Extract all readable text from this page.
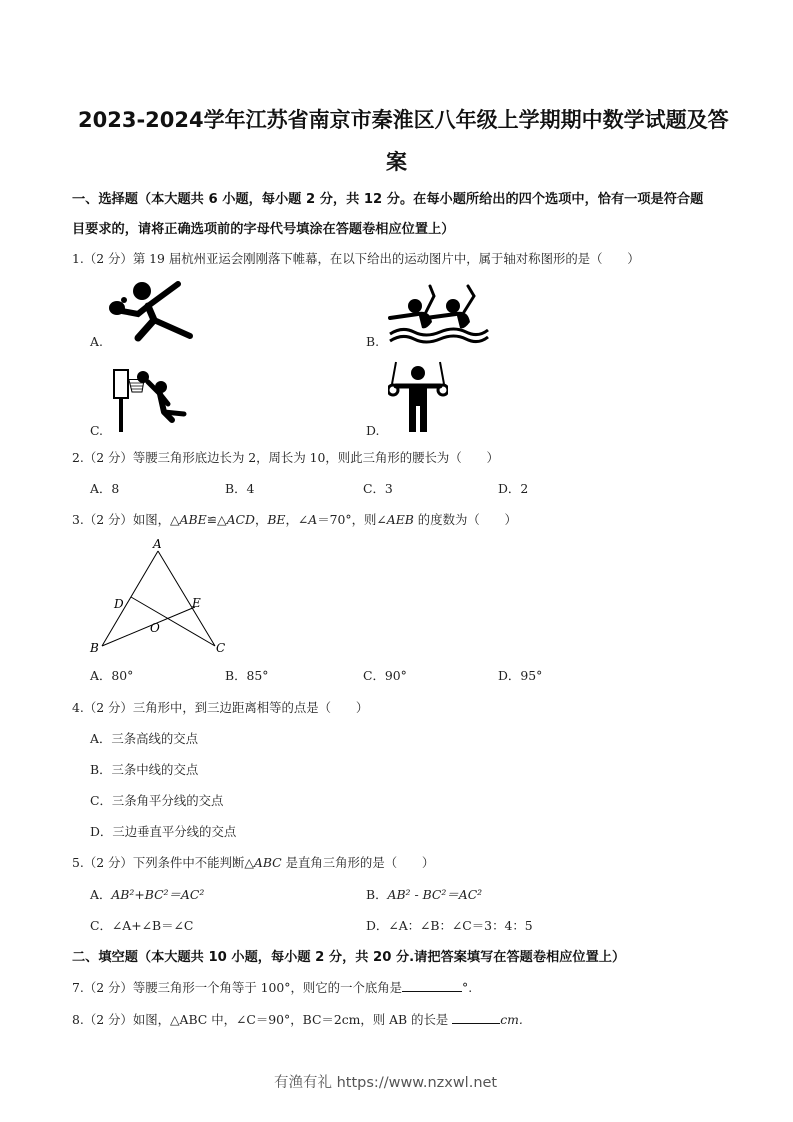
2023-2024学年江苏省南京市秦淮区八年级上学期期中数学试题及答
案
一、选择题（本大题共 6 小题，每小题 2 分，共 12 分。在每小题所给出的四个选项中，恰有一项是符合题
目要求的，请将正确选项前的字母代号填涂在答题卷相应位置上）
1.（2 分）第 19 届杭州亚运会刚刚落下帷幕，在以下给出的运动图片中，属于轴对称图形的是（　　）
A.	B.
C.	D.
2.（2 分）等腰三角形底边长为 2，周长为 10，则此三角形的腰长为（　　）
A．8	B．4	C．3	D．2
3.（2 分）如图，△ABE≌△ACD，BE，∠A＝70°，则∠AEB 的度数为（　　）
A
B	C
D	E
O
A．80°	B．85°	C．90°	D．95°
4.（2 分）三角形中，到三边距离相等的点是（　　）
A．三条高线的交点
B．三条中线的交点
C．三条角平分线的交点
D．三边垂直平分线的交点
5.（2 分）下列条件中不能判断△ABC 是直角三角形的是（　　）
A．AB²+BC²＝AC²	B．AB² - BC²＝AC²
C．∠A+∠B＝∠C	D．∠A：∠B：∠C＝3：4：5
二、填空题（本大题共 10 小题，每小题 2 分，共 20 分.请把答案填写在答题卷相应位置上）
7.（2 分）等腰三角形一个角等于 100°，则它的一个底角是	°.
8.（2 分）如图，△ABC 中，∠C＝90°，BC＝2cm，则 AB 的长是	cm.
有渔有礼 https://www.nzxwl.net
